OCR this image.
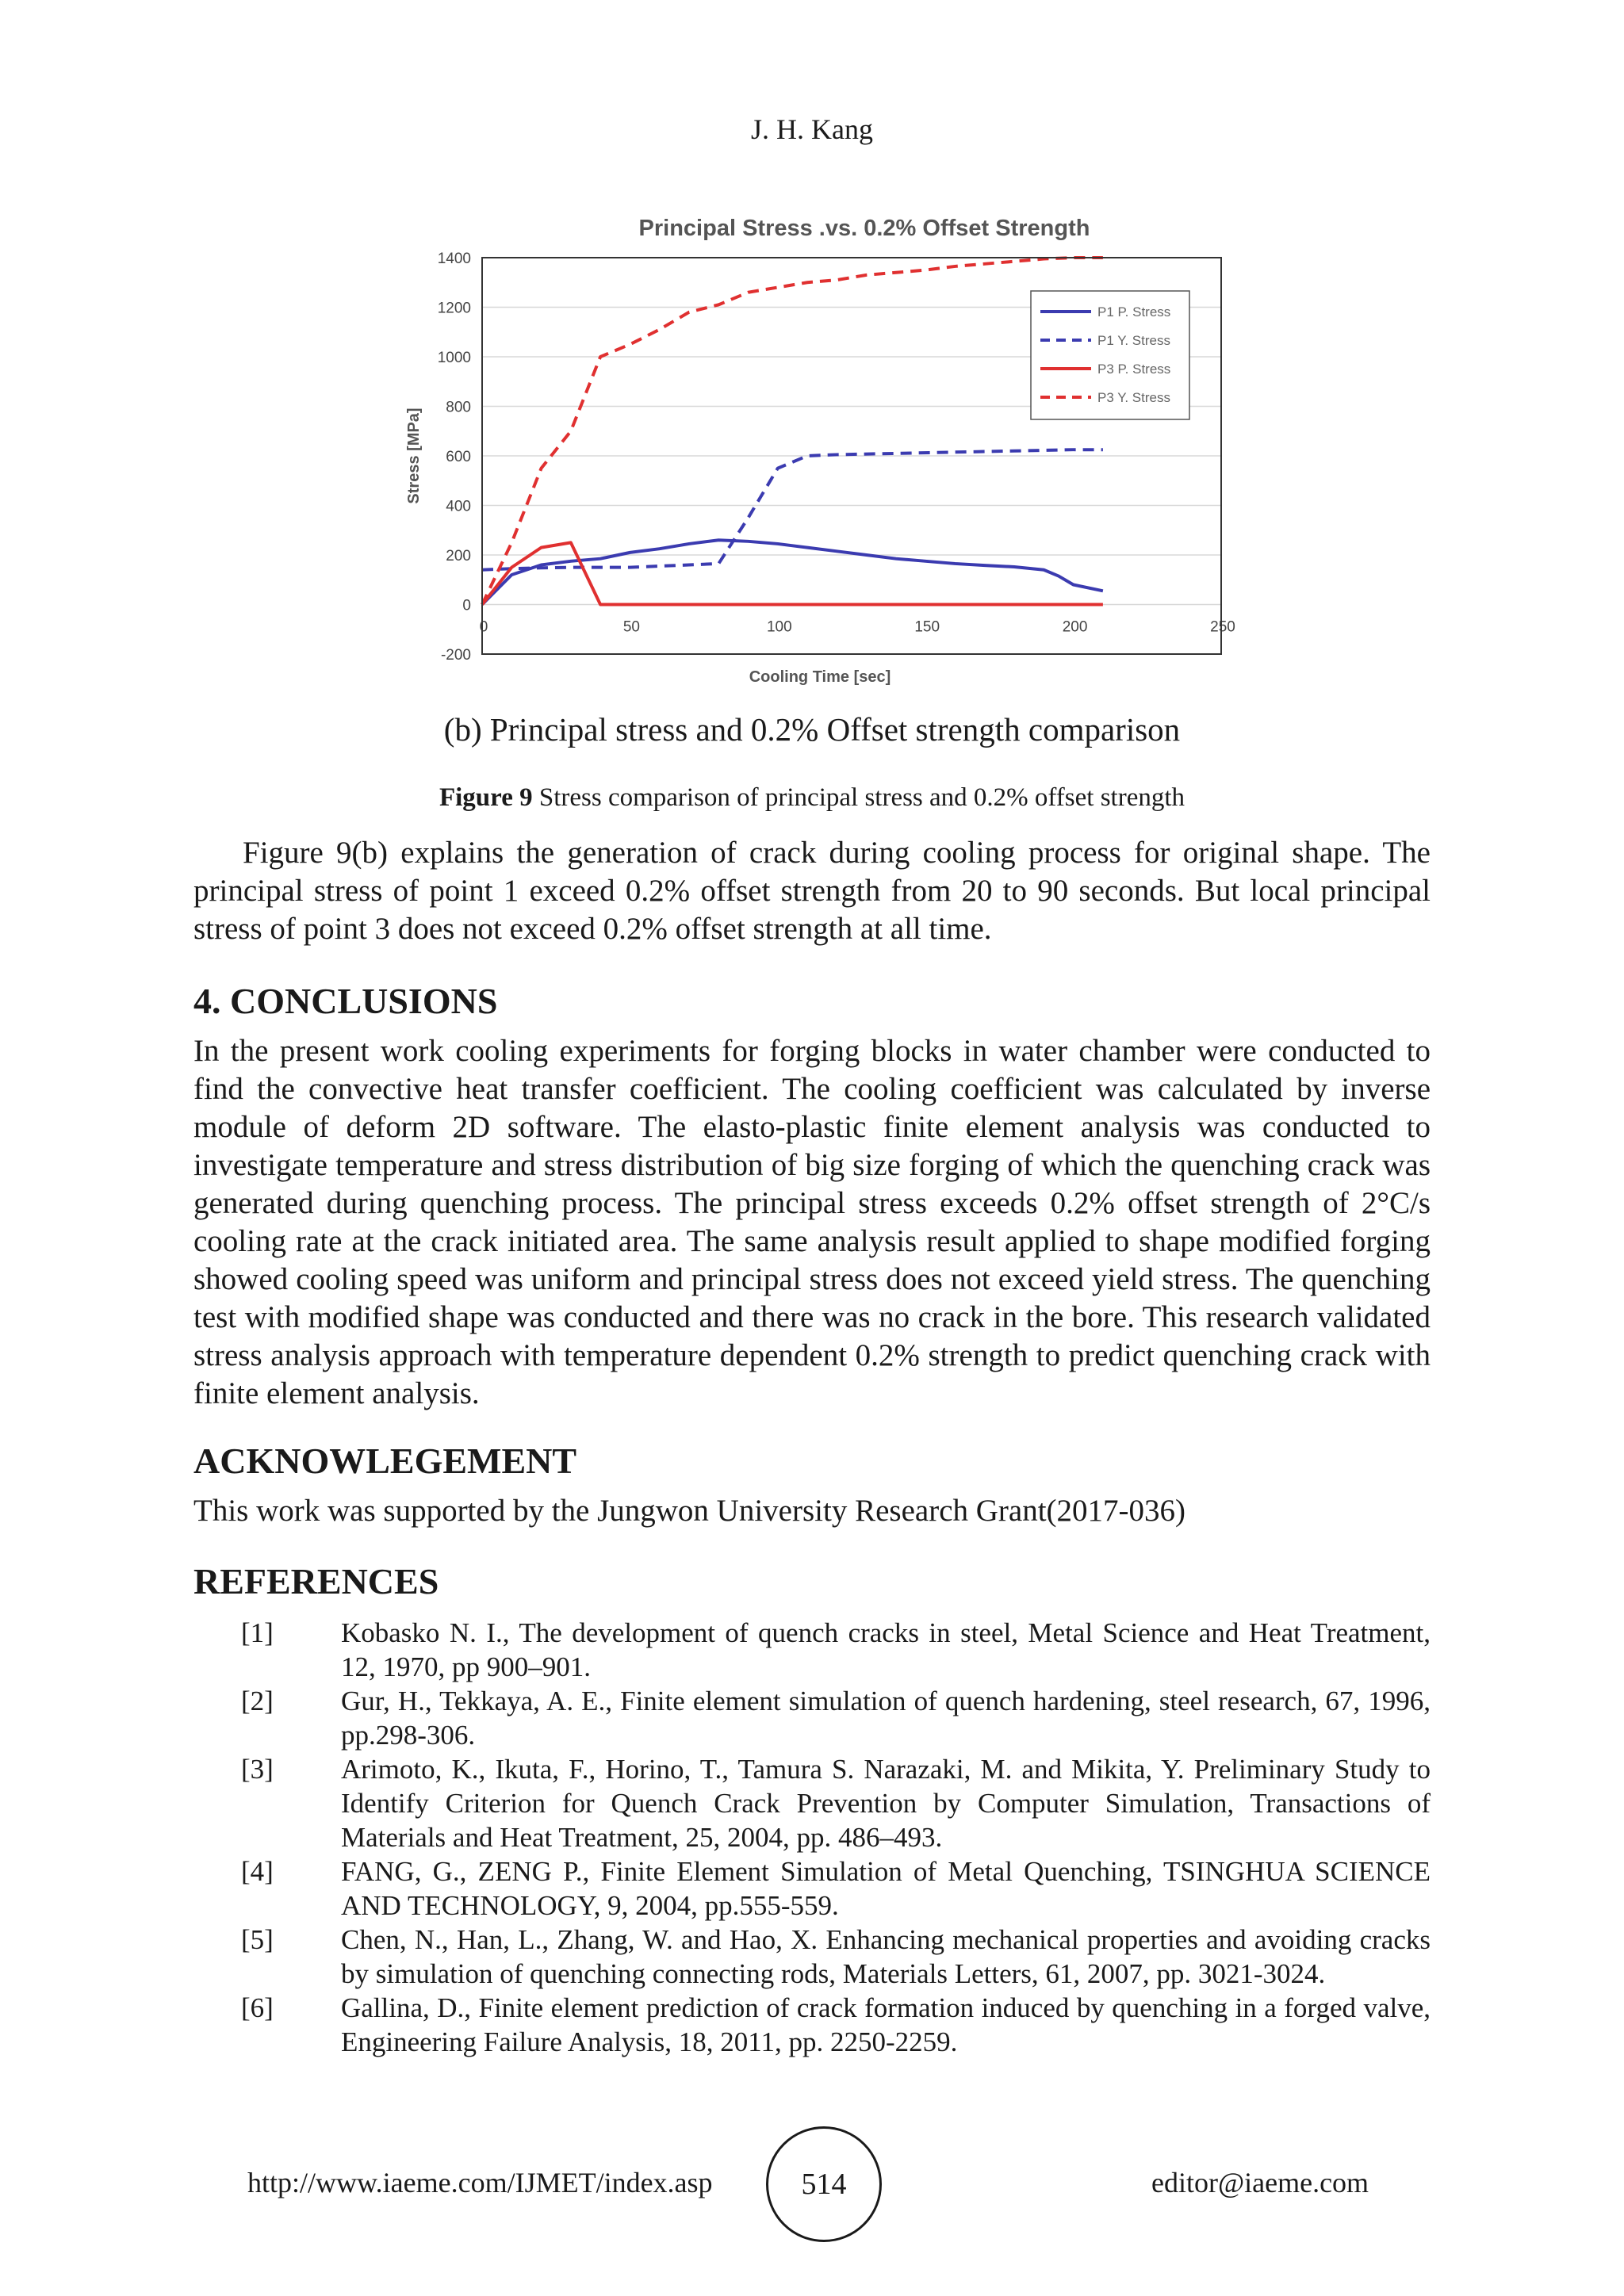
J. H. Kang
Principal Stress .vs. 0.2% Offset Strength
-200
0
200
400
600
800
1000
1200
1400
0	50	100	150	200	250
P1 P. Stress
P1 Y. Stress
P3 P. Stress
P3 Y. Stress
Stress [MPa]
Cooling Time [sec]
(b) Principal stress and 0.2% Offset strength comparison
Figure 9 Stress comparison of principal stress and 0.2% offset strength
Figure 9(b) explains the generation of crack during cooling process for original shape. The principal stress of point 1 exceed 0.2% offset strength from 20 to 90 seconds. But local principal stress of point 3 does not exceed 0.2% offset strength at all time.
4. CONCLUSIONS
In the present work cooling experiments for forging blocks in water chamber were conducted to find the convective heat transfer coefficient. The cooling coefficient was calculated by inverse module of deform 2D software. The elasto-plastic finite element analysis was conducted to investigate temperature and stress distribution of big size forging of which the quenching crack was generated during quenching process. The principal stress exceeds 0.2% offset strength of 2°C/s cooling rate at the crack initiated area. The same analysis result applied to shape modified forging showed cooling speed was uniform and principal stress does not exceed yield stress. The quenching test with modified shape was conducted and there was no crack in the bore. This research validated stress analysis approach with temperature dependent 0.2% strength to predict quenching crack with finite element analysis.
ACKNOWLEGEMENT
This work was supported by the Jungwon University Research Grant(2017-036)
REFERENCES
[1]	Kobasko N. I., The development of quench cracks in steel, Metal Science and Heat Treatment, 12, 1970, pp 900–901.
[2]	Gur, H., Tekkaya, A. E., Finite element simulation of quench hardening, steel research, 67, 1996, pp.298-306.
[3]	Arimoto, K., Ikuta, F., Horino, T., Tamura S. Narazaki, M. and Mikita, Y. Preliminary Study to Identify Criterion for Quench Crack Prevention by Computer Simulation, Transactions of Materials and Heat Treatment, 25, 2004, pp. 486–493.
[4]	FANG, G., ZENG P., Finite Element Simulation of Metal Quenching, TSINGHUA SCIENCE AND TECHNOLOGY, 9, 2004, pp.555-559.
[5]	Chen, N., Han, L., Zhang, W. and Hao, X. Enhancing mechanical properties and avoiding cracks by simulation of quenching connecting rods, Materials Letters, 61, 2007, pp. 3021-3024.
[6]	Gallina, D., Finite element prediction of crack formation induced by quenching in a forged valve, Engineering Failure Analysis, 18, 2011, pp. 2250-2259.
http://www.iaeme.com/IJMET/index.asp	514	editor@iaeme.com
